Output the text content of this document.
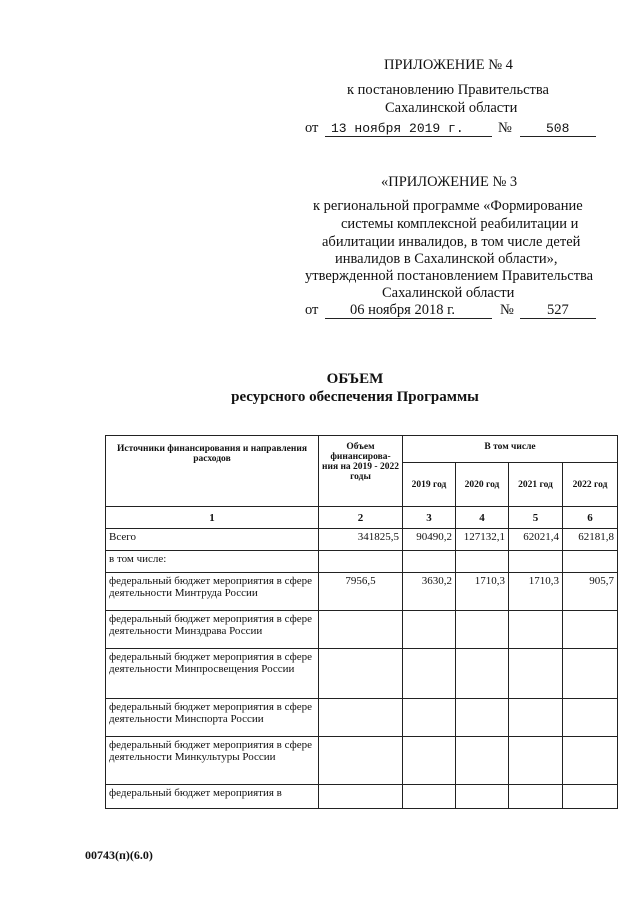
ПРИЛОЖЕНИЕ № 4
к постановлению Правительства
Сахалинской области
от 13 ноября 2019 г. №	508
«ПРИЛОЖЕНИЕ № 3
к региональной программе «Формирование
системы комплексной реабилитации и
абилитации инвалидов, в том числе детей
инвалидов в Сахалинской области»,
утвержденной постановлением Правительства
Сахалинской области
от 06 ноября 2018 г.	№ 527
ОБЪЕМ
ресурсного обеспечения Программы
Источники финансирования и направления расходов	Объем финансирова- ния на 2019 - 2022 годы	В том числе			
		2019 год	2020 год	2021 год	2022 год
1	2	3	4	5	6
Всего	341825,5	90490,2	127132,1	62021,4	62181,8
в том числе:					
федеральный бюджет мероприятия в сфере деятельности Минтруда России	7956,5	3630,2	1710,3	1710,3	905,7
федеральный бюджет мероприятия в сфере деятельности Минздрава России					
федеральный бюджет мероприятия в сфере деятельности Минпросвещения России					
федеральный бюджет мероприятия в сфере деятельности Минспорта России					
федеральный бюджет мероприятия в сфере деятельности Минкультуры России					
федеральный бюджет мероприятия в					
00743(п)(6.0)
